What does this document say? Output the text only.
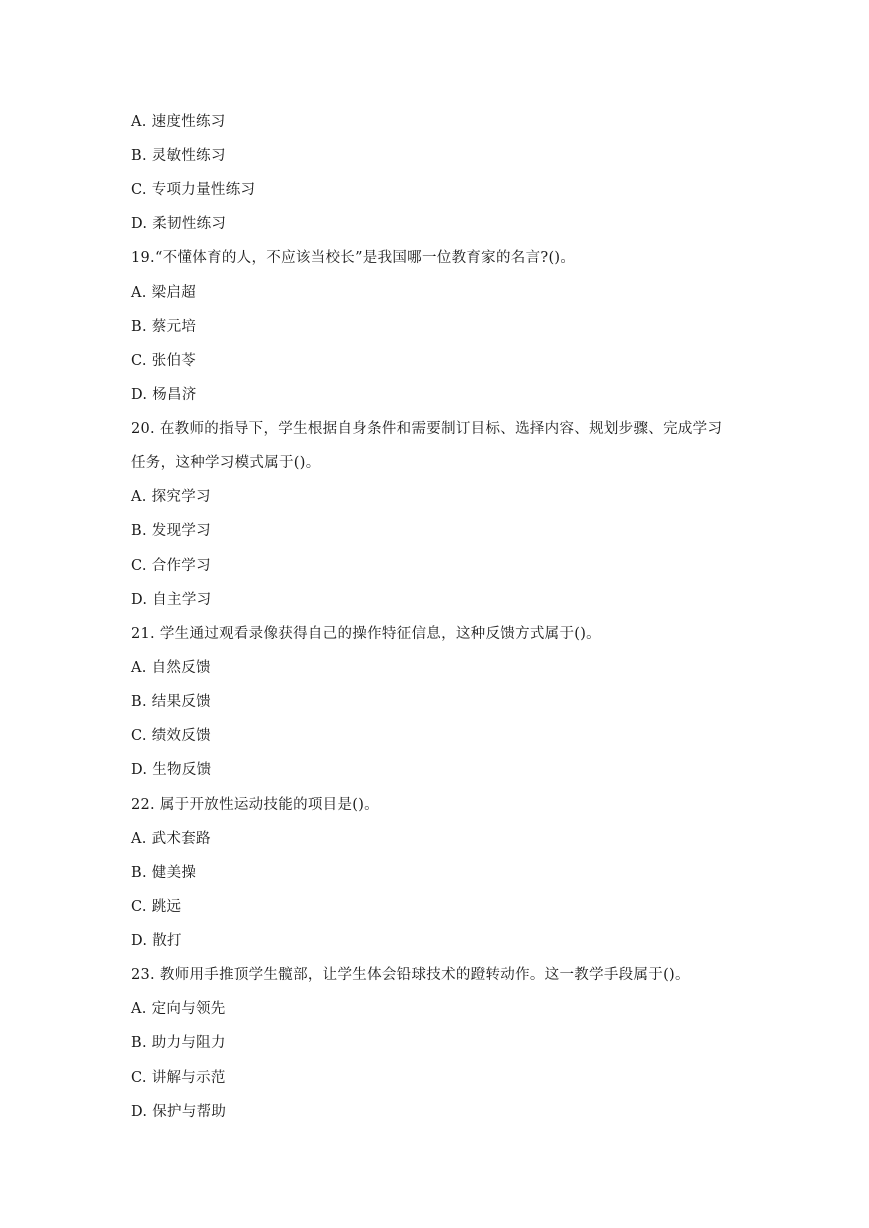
A. 速度性练习
B. 灵敏性练习
C. 专项力量性练习
D. 柔韧性练习
19.“不懂体育的人，不应该当校长”是我国哪一位教育家的名言?()。
A. 梁启超
B. 蔡元培
C. 张伯苓
D. 杨昌济
20. 在教师的指导下，学生根据自身条件和需要制订目标、选择内容、规划步骤、完成学习
任务，这种学习模式属于()。
A. 探究学习
B. 发现学习
C. 合作学习
D. 自主学习
21. 学生通过观看录像获得自己的操作特征信息，这种反馈方式属于()。
A. 自然反馈
B. 结果反馈
C. 绩效反馈
D. 生物反馈
22. 属于开放性运动技能的项目是()。
A. 武术套路
B. 健美操
C. 跳远
D. 散打
23. 教师用手推顶学生髋部，让学生体会铅球技术的蹬转动作。这一教学手段属于()。
A. 定向与领先
B. 助力与阻力
C. 讲解与示范
D. 保护与帮助
